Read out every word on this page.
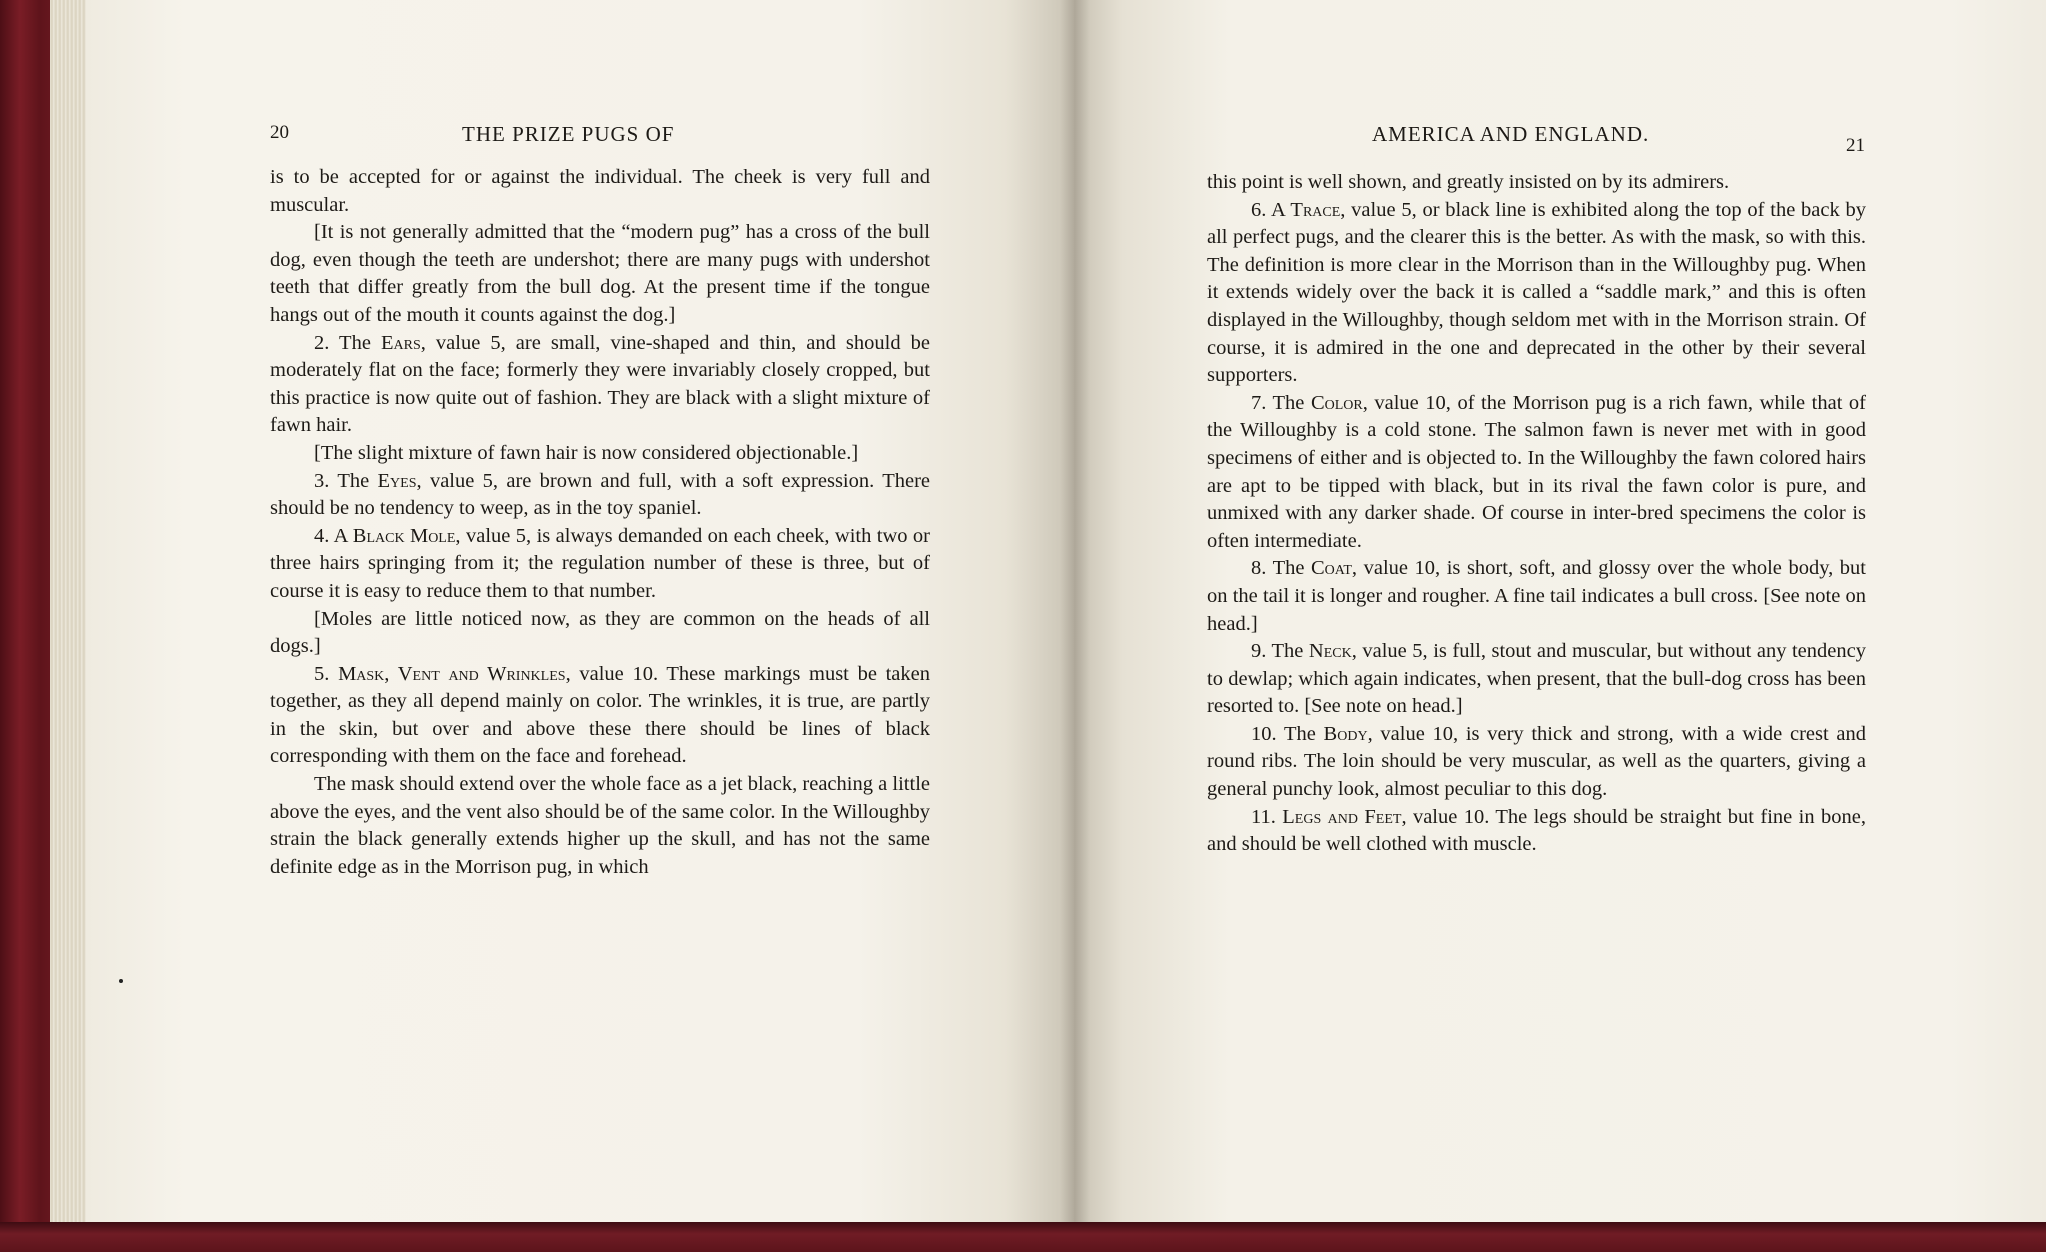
20	THE PRIZE PUGS OF	AMERICA AND ENGLAND.	21

is to be accepted for or against the individual. The cheek is very full and muscular.

[It is not generally admitted that the “modern pug” has a cross of the bull dog, even though the teeth are undershot; there are many pugs with undershot teeth that differ greatly from the bull dog. At the present time if the tongue hangs out of the mouth it counts against the dog.]

2. The Ears, value 5, are small, vine-shaped and thin, and should be moderately flat on the face; formerly they were invariably closely cropped, but this practice is now quite out of fashion. They are black with a slight mixture of fawn hair.

[The slight mixture of fawn hair is now considered objectionable.]

3. The Eyes, value 5, are brown and full, with a soft expression. There should be no tendency to weep, as in the toy spaniel.

4. A Black Mole, value 5, is always demanded on each cheek, with two or three hairs springing from it; the regulation number of these is three, but of course it is easy to reduce them to that number.

[Moles are little noticed now, as they are common on the heads of all dogs.]

5. Mask, Vent and Wrinkles, value 10. These markings must be taken together, as they all depend mainly on color. The wrinkles, it is true, are partly in the skin, but over and above these there should be lines of black corresponding with them on the face and forehead.

The mask should extend over the whole face as a jet black, reaching a little above the eyes, and the vent also should be of the same color. In the Willoughby strain the black generally extends higher up the skull, and has not the same definite edge as in the Morrison pug, in which

this point is well shown, and greatly insisted on by its admirers.

6. A Trace, value 5, or black line is exhibited along the top of the back by all perfect pugs, and the clearer this is the better. As with the mask, so with this. The definition is more clear in the Morrison than in the Willoughby pug. When it extends widely over the back it is called a “saddle mark,” and this is often displayed in the Willoughby, though seldom met with in the Morrison strain. Of course, it is admired in the one and deprecated in the other by their several supporters.

7. The Color, value 10, of the Morrison pug is a rich fawn, while that of the Willoughby is a cold stone. The salmon fawn is never met with in good specimens of either and is objected to. In the Willoughby the fawn colored hairs are apt to be tipped with black, but in its rival the fawn color is pure, and unmixed with any darker shade. Of course in inter-bred specimens the color is often intermediate.

8. The Coat, value 10, is short, soft, and glossy over the whole body, but on the tail it is longer and rougher. A fine tail indicates a bull cross. [See note on head.]

9. The Neck, value 5, is full, stout and muscular, but without any tendency to dewlap; which again indicates, when present, that the bull-dog cross has been resorted to. [See note on head.]

10. The Body, value 10, is very thick and strong, with a wide crest and round ribs. The loin should be very muscular, as well as the quarters, giving a general punchy look, almost peculiar to this dog.

11. Legs and Feet, value 10. The legs should be straight but fine in bone, and should be well clothed with muscle.
